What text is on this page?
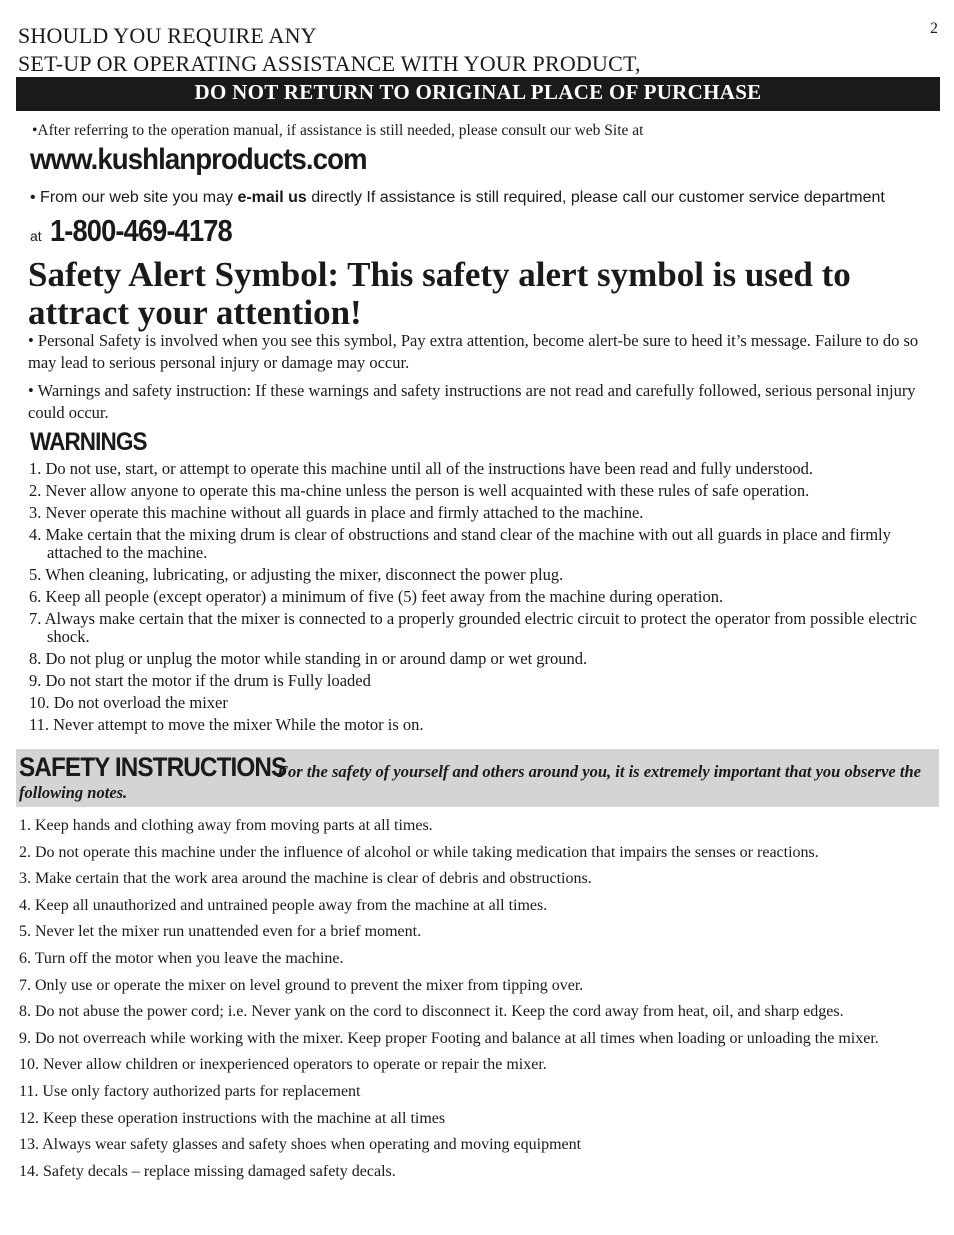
2
SHOULD YOU REQUIRE ANY
SET-UP OR OPERATING ASSISTANCE WITH YOUR PRODUCT,
DO NOT RETURN TO ORIGINAL PLACE OF PURCHASE
•After referring to the operation manual, if assistance is still needed, please consult our web Site at
www.kushlanproducts.com
• From our web site you may e-mail us directly If assistance is still required, please call our customer service department
at 1-800-469-4178
Safety Alert Symbol: This safety alert symbol is used to attract your attention!
• Personal Safety is involved when you see this symbol, Pay extra attention, become alert-be sure to heed it’s message. Failure to do so may lead to serious personal injury or damage may occur.
• Warnings and safety instruction: If these warnings and safety instructions are not read and carefully followed, serious personal injury could occur.
WARNINGS
1. Do not use, start, or attempt to operate this machine until all of the instructions have been read and fully understood.
2. Never allow anyone to operate this ma-chine unless the person is well acquainted with these rules of safe operation.
3. Never operate this machine without all guards in place and firmly attached to the machine.
4. Make certain that the mixing drum is clear of obstructions and stand clear of the machine with out all guards in place and firmly attached to the machine.
5. When cleaning, lubricating, or adjusting the mixer, disconnect the power plug.
6. Keep all people (except operator) a minimum of five (5) feet away from the machine during operation.
7. Always make certain that the mixer is connected to a properly grounded electric circuit to protect the operator from possible electric shock.
8. Do not plug or unplug the motor while standing in or around damp or wet ground.
9. Do not start the motor if the drum is Fully loaded
10. Do not overload the mixer
11. Never attempt to move the mixer While the motor is on.
For the safety of yourself and others around you, it is extremely important that you observe the following notes.
SAFETY INSTRUCTIONS
1. Keep hands and clothing away from moving parts at all times.
2. Do not operate this machine under the influence of alcohol or while taking medication that impairs the senses or reactions.
3. Make certain that the work area around the machine is clear of debris and obstructions.
4. Keep all unauthorized and untrained people away from the machine at all times.
5. Never let the mixer run unattended even for a brief moment.
6. Turn off the motor when you leave the machine.
7. Only use or operate the mixer on level ground to prevent the mixer from tipping over.
8. Do not abuse the power cord; i.e. Never yank on the cord to disconnect it. Keep the cord away from heat, oil, and sharp edges.
9. Do not overreach while working with the mixer. Keep proper Footing and balance at all times when loading or unloading the mixer.
10. Never allow children or inexperienced operators to operate or repair the mixer.
11. Use only factory authorized parts for replacement
12. Keep these operation instructions with the machine at all times
13. Always wear safety glasses and safety shoes when operating and moving equipment
14. Safety decals – replace missing damaged safety decals.
